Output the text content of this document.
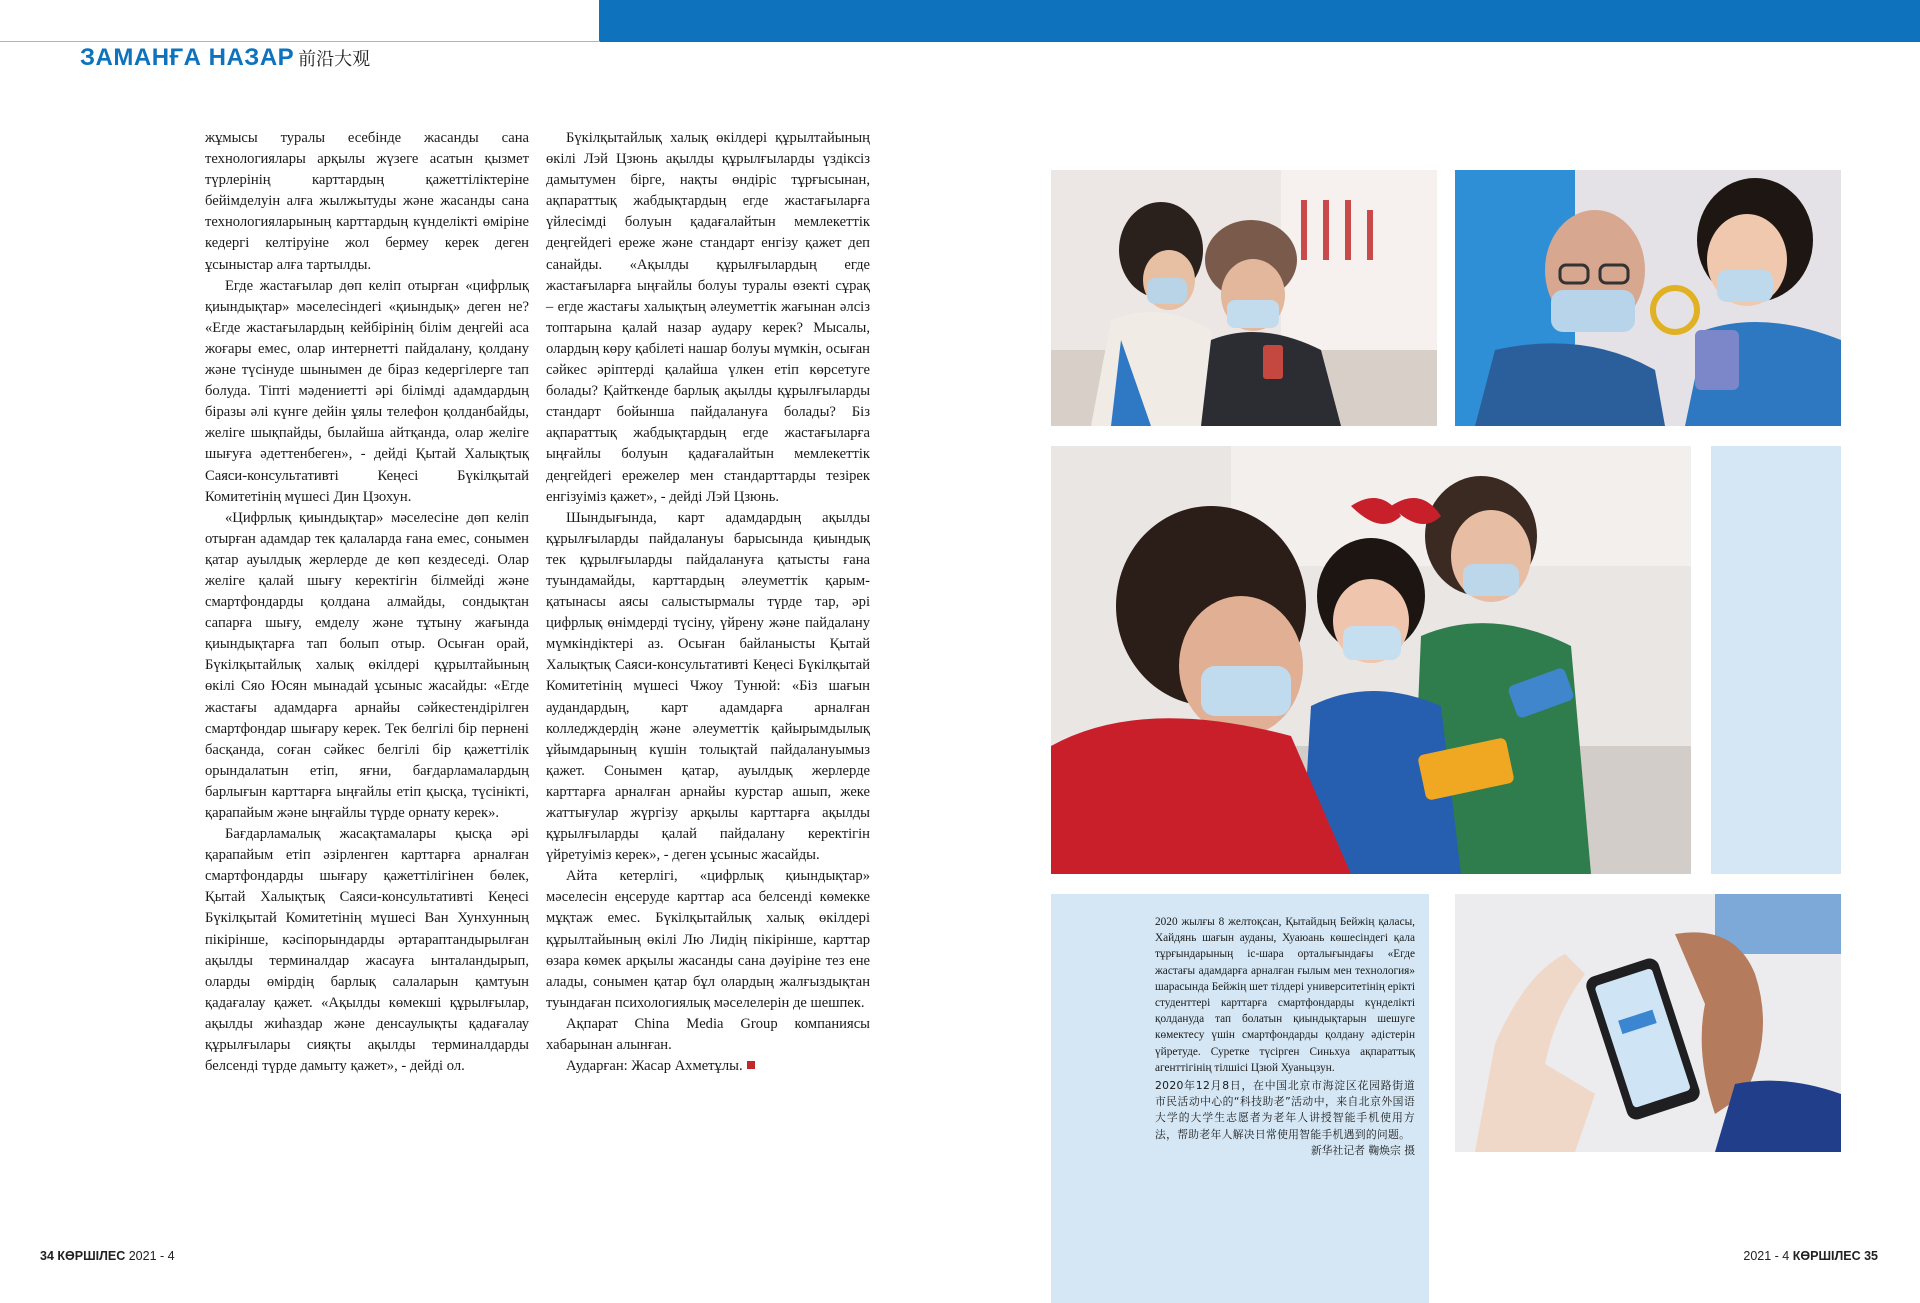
ЗАМАНҒА НАЗАР 前沿大观

жұмысы туралы есебінде жасанды сана технологиялары арқылы жүзеге асатын қызмет түрлерінің карттардың қажеттіліктеріне бейімделуін алға жылжытуды және жасанды сана технологияларының карттардың күнделікті өміріне кедергі келтіруіне жол бермеу керек деген ұсыныстар алға тартылды.

Егде жастағылар дөп келіп отырған «цифрлық қиындықтар» мәселесіндегі «қиындық» деген не? «Егде жастағылардың кейбірінің білім деңгейі аса жоғары емес, олар интернетті пайдалану, қолдану және түсінуде шынымен де біраз кедергілерге тап болуда. Тіпті мәдениетті әрі білімді адамдардың біразы әлі күнге дейін ұялы телефон қолданбайды, желіге шықпайды, былайша айтқанда, олар желіге шығуға әдеттенбеген», - дейді Қытай Халықтық Саяси-консультативті Кеңесі Бүкілқытай Комитетінің мүшесі Дин Цзохун.

«Цифрлық қиындықтар» мәселесіне дөп келіп отырған адамдар тек қалаларда ғана емес, сонымен қатар ауылдық жерлерде де көп кездеседі. Олар желіге қалай шығу керектігін білмейді және смартфондарды қолдана алмайды, сондықтан сапарға шығу, емделу және тұтыну жағында қиындықтарға тап болып отыр. Осыған орай, Бүкілқытайлық халық өкілдері құрылтайының өкілі Сяо Юсян мынадай ұсыныс жасайды: «Егде жастағы адамдарға арнайы сәйкестендірілген смартфондар шығару керек. Тек белгілі бір пернені басқанда, соған сәйкес белгілі бір қажеттілік орындалатын етіп, яғни, бағдарламалардың барлығын карттарға ыңғайлы етіп қысқа, түсінікті, қарапайым және ыңғайлы түрде орнату керек».

Бағдарламалық жасақтамалары қысқа әрі қарапайым етіп әзірленген карттарға арналған смартфондарды шығару қажеттілігінен бөлек, Қытай Халықтық Саяси-консультативті Кеңесі Бүкілқытай Комитетінің мүшесі Ван Хунхунның пікірінше, кәсіпорындарды әртараптандырылған ақылды терминалдар жасауға ынталандырып, оларды өмірдің барлық салаларын қамтуын қадағалау қажет. «Ақылды көмекші құрылғылар, ақылды жиһаздар және денсаулықты қадағалау құрылғылары сияқты ақылды терминалдарды белсенді түрде дамыту қажет», - дейді ол.

Бүкілқытайлық халық өкілдері құрылтайының өкілі Лэй Цзюнь ақылды құрылғыларды үздіксіз дамытумен бірге, нақты өндіріс тұрғысынан, ақпараттық жабдықтардың егде жастағыларға үйлесімді болуын қадағалайтын мемлекеттік деңгейдегі ереже және стандарт енгізу қажет деп санайды. «Ақылды құрылғылардың егде жастағыларға ыңғайлы болуы туралы өзекті сұрақ – егде жастағы халықтың әлеуметтік жағынан әлсіз топтарына қалай назар аудару керек? Мысалы, олардың көру қабілеті нашар болуы мүмкін, осыған сәйкес әріптерді қалайша үлкен етіп көрсетуге болады? Қайткенде барлық ақылды құрылғыларды стандарт бойынша пайдалануға болады? Біз ақпараттық жабдықтардың егде жастағыларға ыңғайлы болуын қадағалайтын мемлекеттік деңгейдегі ережелер мен стандарттарды тезірек енгізуіміз қажет», - дейді Лэй Цзюнь.

Шындығында, карт адамдардың ақылды құрылғыларды пайдалануы барысында қиындық тек құрылғыларды пайдалануға қатысты ғана туындамайды, карттардың әлеуметтік қарым-қатынасы аясы салыстырмалы түрде тар, әрі цифрлық өнімдерді түсіну, үйрену және пайдалану мүмкіндіктері аз. Осыған байланысты Қытай Халықтық Саяси-консультативті Кеңесі Бүкілқытай Комитетінің мүшесі Чжоу Тунюй: «Біз шағын аудандардың, карт адамдарға арналған колледждердің және әлеуметтік қайырымдылық ұйымдарының күшін толықтай пайдалануымыз қажет. Сонымен қатар, ауылдық жерлерде карттарға арналған арнайы курстар ашып, жеке жаттығулар жүргізу арқылы карттарға ақылды құрылғыларды қалай пайдалану керектігін үйретуіміз керек», - деген ұсыныс жасайды.

Айта кетерлігі, «цифрлық қиындықтар» мәселесін еңсеруде карттар аса белсенді көмекке мұқтаж емес. Бүкілқытайлық халық өкілдері құрылтайының өкілі Лю Лидің пікірінше, карттар өзара көмек арқылы жасанды сана дәуіріне тез ене алады, сонымен қатар бұл олардың жалғыздықтан туындаған психологиялық мәселелерін де шешпек.

Ақпарат China Media Group компаниясы хабарынан алынған.

Аударған: Жасар Ахметұлы.

2020 жылғы 8 желтоқсан, Қытайдың Бейжің қаласы, Хайдянь шағын ауданы, Хуаюань көшесіндегі қала тұрғындарының іс-шара орталығындағы «Егде жастағы адамдарға арналған ғылым мен технология» шарасында Бейжің шет тілдері университетінің ерікті студенттері карттарға смартфондарды күнделікті қолдануда тап болатын қиындықтарын шешуге көмектесу үшін смартфондарды қолдану әдістерін үйретуде. Суретке түсірген Синьхуа ақпараттық агенттігінің тілшісі Цзюй Хуаньцзун.
2020年12月8日，在中国北京市海淀区花园路街道市民活动中心的“科技助老”活动中，来自北京外国语大学的大学生志愿者为老年人讲授智能手机使用方法，帮助老年人解决日常使用智能手机遇到的问题。
新华社记者 鞠焕宗 摄
34 КӨРШІЛЕС 2021 - 4	2021 - 4 КӨРШІЛЕС 35
